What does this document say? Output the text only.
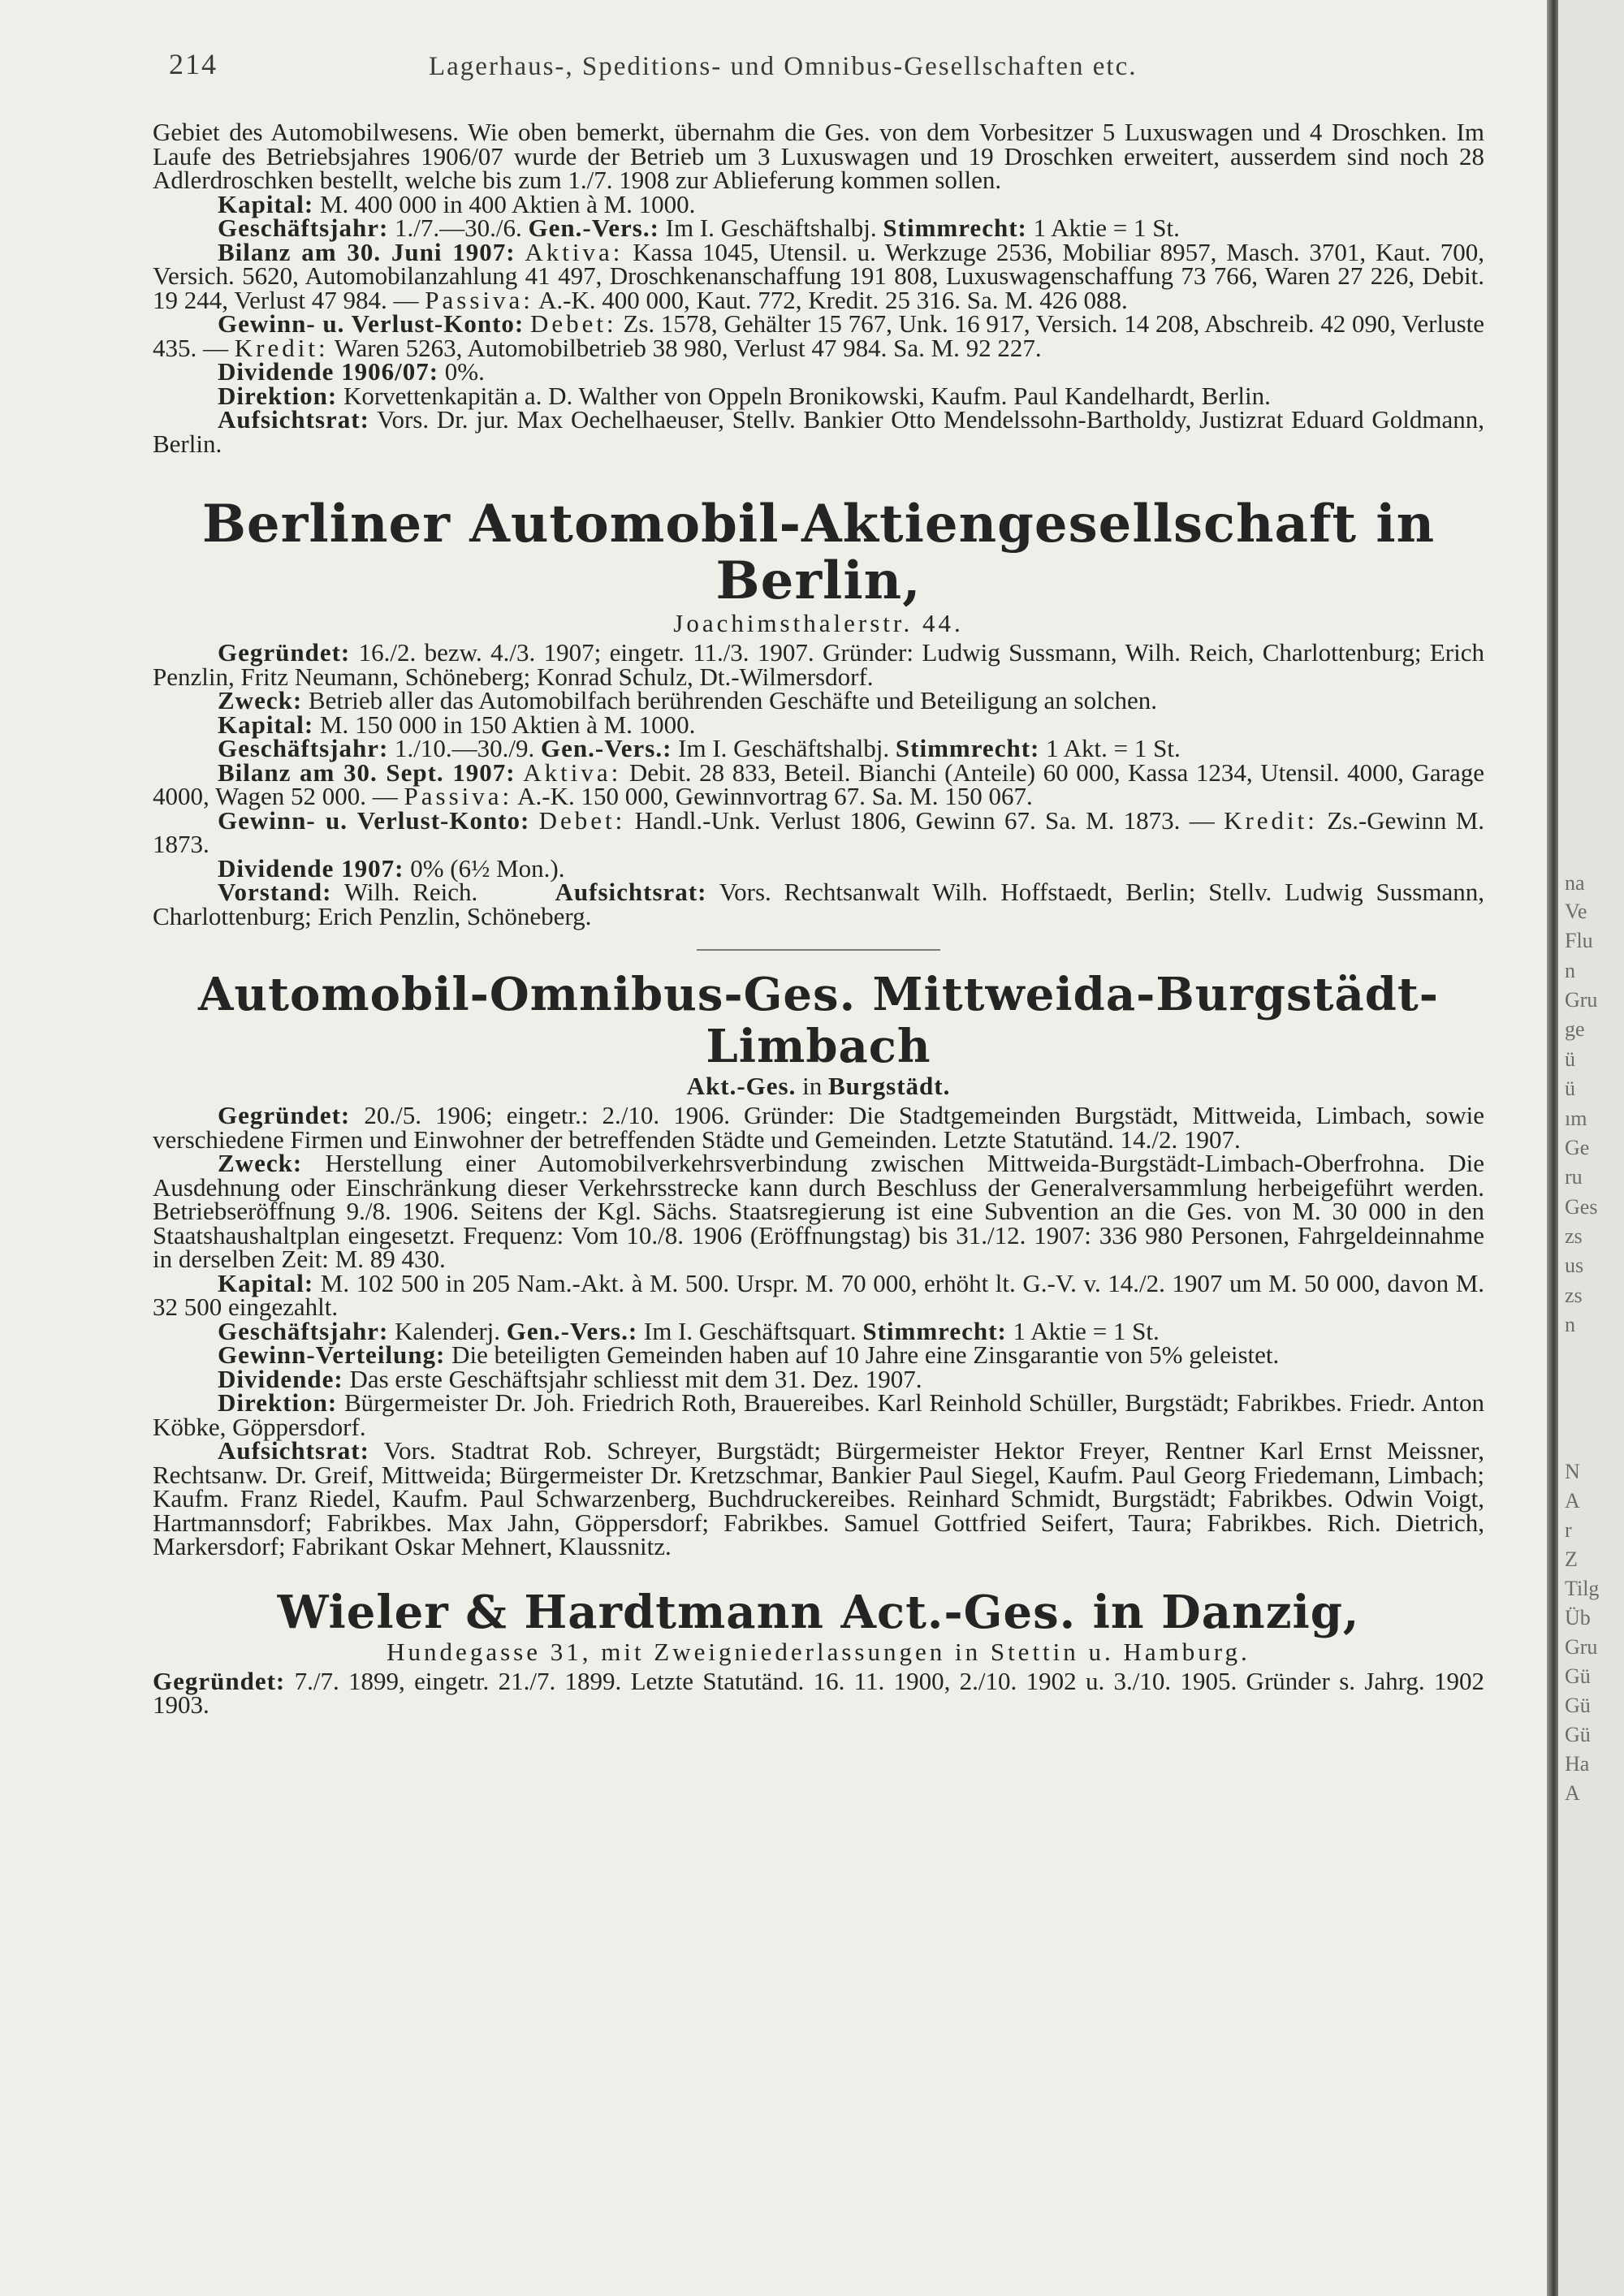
214	Lagerhaus-, Speditions- und Omnibus-Gesellschaften etc.

Gebiet des Automobilwesens. Wie oben bemerkt, übernahm die Ges. von dem Vorbesitzer 5 Luxuswagen und 4 Droschken. Im Laufe des Betriebsjahres 1906/07 wurde der Betrieb um 3 Luxuswagen und 19 Droschken erweitert, ausserdem sind noch 28 Adlerdroschken bestellt, welche bis zum 1./7. 1908 zur Ablieferung kommen sollen.

Kapital: M. 400 000 in 400 Aktien à M. 1000.

Geschäftsjahr: 1./7.—30./6. Gen.-Vers.: Im I. Geschäftshalbj. Stimmrecht: 1 Aktie = 1 St.

Bilanz am 30. Juni 1907: Aktiva: Kassa 1045, Utensil. u. Werkzuge 2536, Mobiliar 8957, Masch. 3701, Kaut. 700, Versich. 5620, Automobilanzahlung 41 497, Droschkenanschaffung 191 808, Luxuswagenschaffung 73 766, Waren 27 226, Debit. 19 244, Verlust 47 984. — Passiva: A.-K. 400 000, Kaut. 772, Kredit. 25 316. Sa. M. 426 088.

Gewinn- u. Verlust-Konto: Debet: Zs. 1578, Gehälter 15 767, Unk. 16 917, Versich. 14 208, Abschreib. 42 090, Verluste 435. — Kredit: Waren 5263, Automobilbetrieb 38 980, Verlust 47 984. Sa. M. 92 227.

Dividende 1906/07: 0%.

Direktion: Korvettenkapitän a. D. Walther von Oppeln Bronikowski, Kaufm. Paul Kandelhardt, Berlin.

Aufsichtsrat: Vors. Dr. jur. Max Oechelhaeuser, Stellv. Bankier Otto Mendelssohn-Bartholdy, Justizrat Eduard Goldmann, Berlin.

Berliner Automobil-Aktiengesellschaft in Berlin,
Joachimsthalerstr. 44.

Gegründet: 16./2. bezw. 4./3. 1907; eingetr. 11./3. 1907. Gründer: Ludwig Sussmann, Wilh. Reich, Charlottenburg; Erich Penzlin, Fritz Neumann, Schöneberg; Konrad Schulz, Dt.-Wilmersdorf.

Zweck: Betrieb aller das Automobilfach berührenden Geschäfte und Beteiligung an solchen.

Kapital: M. 150 000 in 150 Aktien à M. 1000.

Geschäftsjahr: 1./10.—30./9. Gen.-Vers.: Im I. Geschäftshalbj. Stimmrecht: 1 Akt. = 1 St.

Bilanz am 30. Sept. 1907: Aktiva: Debit. 28 833, Beteil. Bianchi (Anteile) 60 000, Kassa 1234, Utensil. 4000, Garage 4000, Wagen 52 000. — Passiva: A.-K. 150 000, Gewinnvortrag 67. Sa. M. 150 067.

Gewinn- u. Verlust-Konto: Debet: Handl.-Unk. Verlust 1806, Gewinn 67. Sa. M. 1873. — Kredit: Zs.-Gewinn M. 1873.

Dividende 1907: 0% (6½ Mon.).

Vorstand: Wilh. Reich.	Aufsichtsrat: Vors. Rechtsanwalt Wilh. Hoffstaedt, Berlin; Stellv. Ludwig Sussmann, Charlottenburg; Erich Penzlin, Schöneberg.

Automobil-Omnibus-Ges. Mittweida-Burgstädt-Limbach
Akt.-Ges. in Burgstädt.

Gegründet: 20./5. 1906; eingetr.: 2./10. 1906. Gründer: Die Stadtgemeinden Burgstädt, Mittweida, Limbach, sowie verschiedene Firmen und Einwohner der betreffenden Städte und Gemeinden. Letzte Statutänd. 14./2. 1907.

Zweck: Herstellung einer Automobilverkehrsverbindung zwischen Mittweida-Burgstädt-Limbach-Oberfrohna. Die Ausdehnung oder Einschränkung dieser Verkehrsstrecke kann durch Beschluss der Generalversammlung herbeigeführt werden. Betriebseröffnung 9./8. 1906. Seitens der Kgl. Sächs. Staatsregierung ist eine Subvention an die Ges. von M. 30 000 in den Staatshaushaltplan eingesetzt. Frequenz: Vom 10./8. 1906 (Eröffnungstag) bis 31./12. 1907: 336 980 Personen, Fahrgeldeinnahme in derselben Zeit: M. 89 430.

Kapital: M. 102 500 in 205 Nam.-Akt. à M. 500. Urspr. M. 70 000, erhöht lt. G.-V. v. 14./2. 1907 um M. 50 000, davon M. 32 500 eingezahlt.

Geschäftsjahr: Kalenderj. Gen.-Vers.: Im I. Geschäftsquart. Stimmrecht: 1 Aktie = 1 St.

Gewinn-Verteilung: Die beteiligten Gemeinden haben auf 10 Jahre eine Zinsgarantie von 5% geleistet.

Dividende: Das erste Geschäftsjahr schliesst mit dem 31. Dez. 1907.

Direktion: Bürgermeister Dr. Joh. Friedrich Roth, Brauereibes. Karl Reinhold Schüller, Burgstädt; Fabrikbes. Friedr. Anton Köbke, Göppersdorf.

Aufsichtsrat: Vors. Stadtrat Rob. Schreyer, Burgstädt; Bürgermeister Hektor Freyer, Rentner Karl Ernst Meissner, Rechtsanw. Dr. Greif, Mittweida; Bürgermeister Dr. Kretzschmar, Bankier Paul Siegel, Kaufm. Paul Georg Friedemann, Limbach; Kaufm. Franz Riedel, Kaufm. Paul Schwarzenberg, Buchdruckereibes. Reinhard Schmidt, Burgstädt; Fabrikbes. Odwin Voigt, Hartmannsdorf; Fabrikbes. Max Jahn, Göppersdorf; Fabrikbes. Samuel Gottfried Seifert, Taura; Fabrikbes. Rich. Dietrich, Markersdorf; Fabrikant Oskar Mehnert, Klaussnitz.

Wieler & Hardtmann Act.-Ges. in Danzig,
Hundegasse 31, mit Zweigniederlassungen in Stettin u. Hamburg.

Gegründet: 7./7. 1899, eingetr. 21./7. 1899. Letzte Statutänd. 16. 11. 1900, 2./10. 1902 u. 3./10. 1905. Gründer s. Jahrg. 1902 1903.

na
Ve
Flu
n
Gru
ge
ü
ü
ım
Ge
ru
Ges
zs
us
zs
n
N
A
r
Z
Tilg
Üb
Gru
Gü
Gü
Gü
Ha
A
